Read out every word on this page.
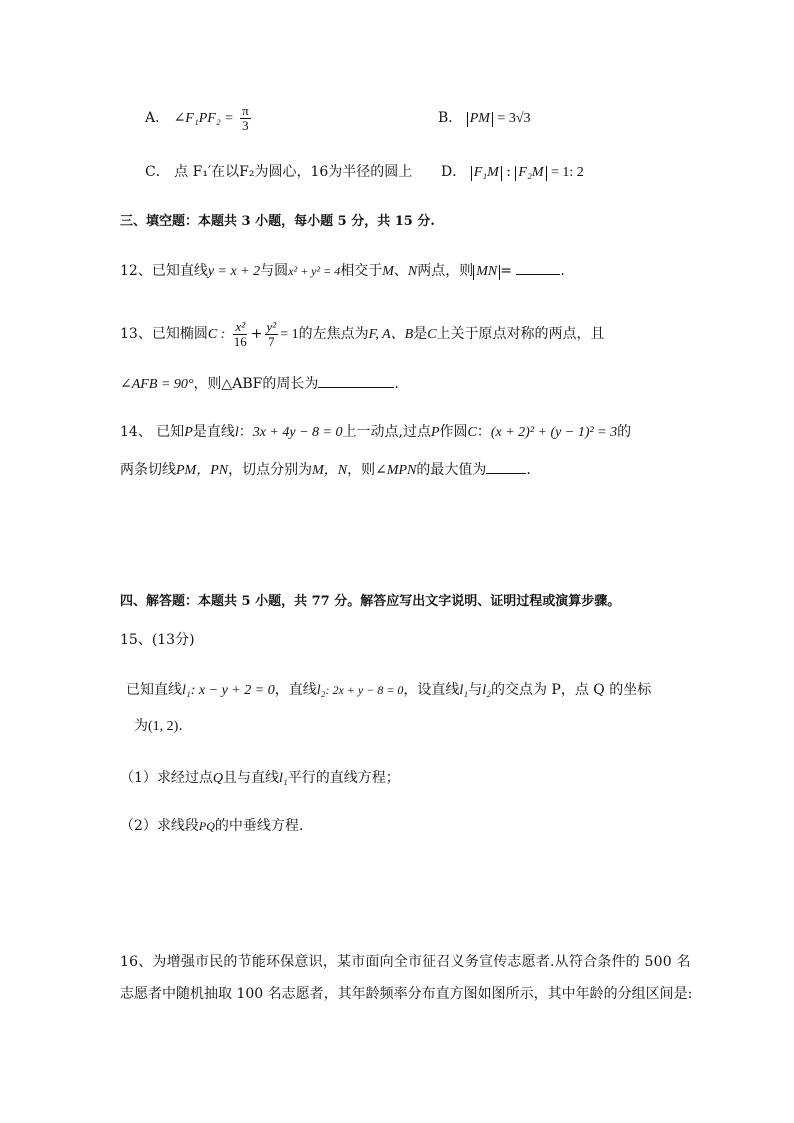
A． ∠F₁PF₂ = $\frac{\pi}{3}$	B． PM = 3√3
C． 点 F₁′在以F₂为圆心，16为半径的圆上 D． F₁M : F₂M = 1: 2
三、填空题：本题共 3 小题，每小题 5 分，共 15 分.
12、已知直线y = x + 2与圆x² + y² = 4相交于M、N两点，则 MN =	.
13、已知椭圆C : $\frac{\text{x²}}{16} + \frac{\text{y²}}{7} = 1$的左焦点为F, A、B是C上关于原点对称的两点，且
∠AFB = 90°，则△ABF的周长为	.
14、 已知P是直线l：3x + 4y − 8 = 0上一动点,过点P作圆C：(x + 2)² + (y − 1)² = 3的
两条切线PM，PN，切点分别为M，N，则∠MPN的最大值为	.
四、解答题：本题共 5 小题，共 77 分。解答应写出文字说明、证明过程或演算步骤。
15、(13分)
已知直线l₁: x − y + 2 = 0，直线l₂: 2x + y − 8 = 0，设直线l₁与l₂的交点为 P，点 Q 的坐标
为(1, 2).
（1）求经过点Q且与直线l₁平行的直线方程；
（2）求线段PQ的中垂线方程.
16、为增强市民的节能环保意识，某市面向全市征召义务宣传志愿者.从符合条件的 500 名
志愿者中随机抽取 100 名志愿者，其年龄频率分布直方图如图所示，其中年龄的分组区间是:
